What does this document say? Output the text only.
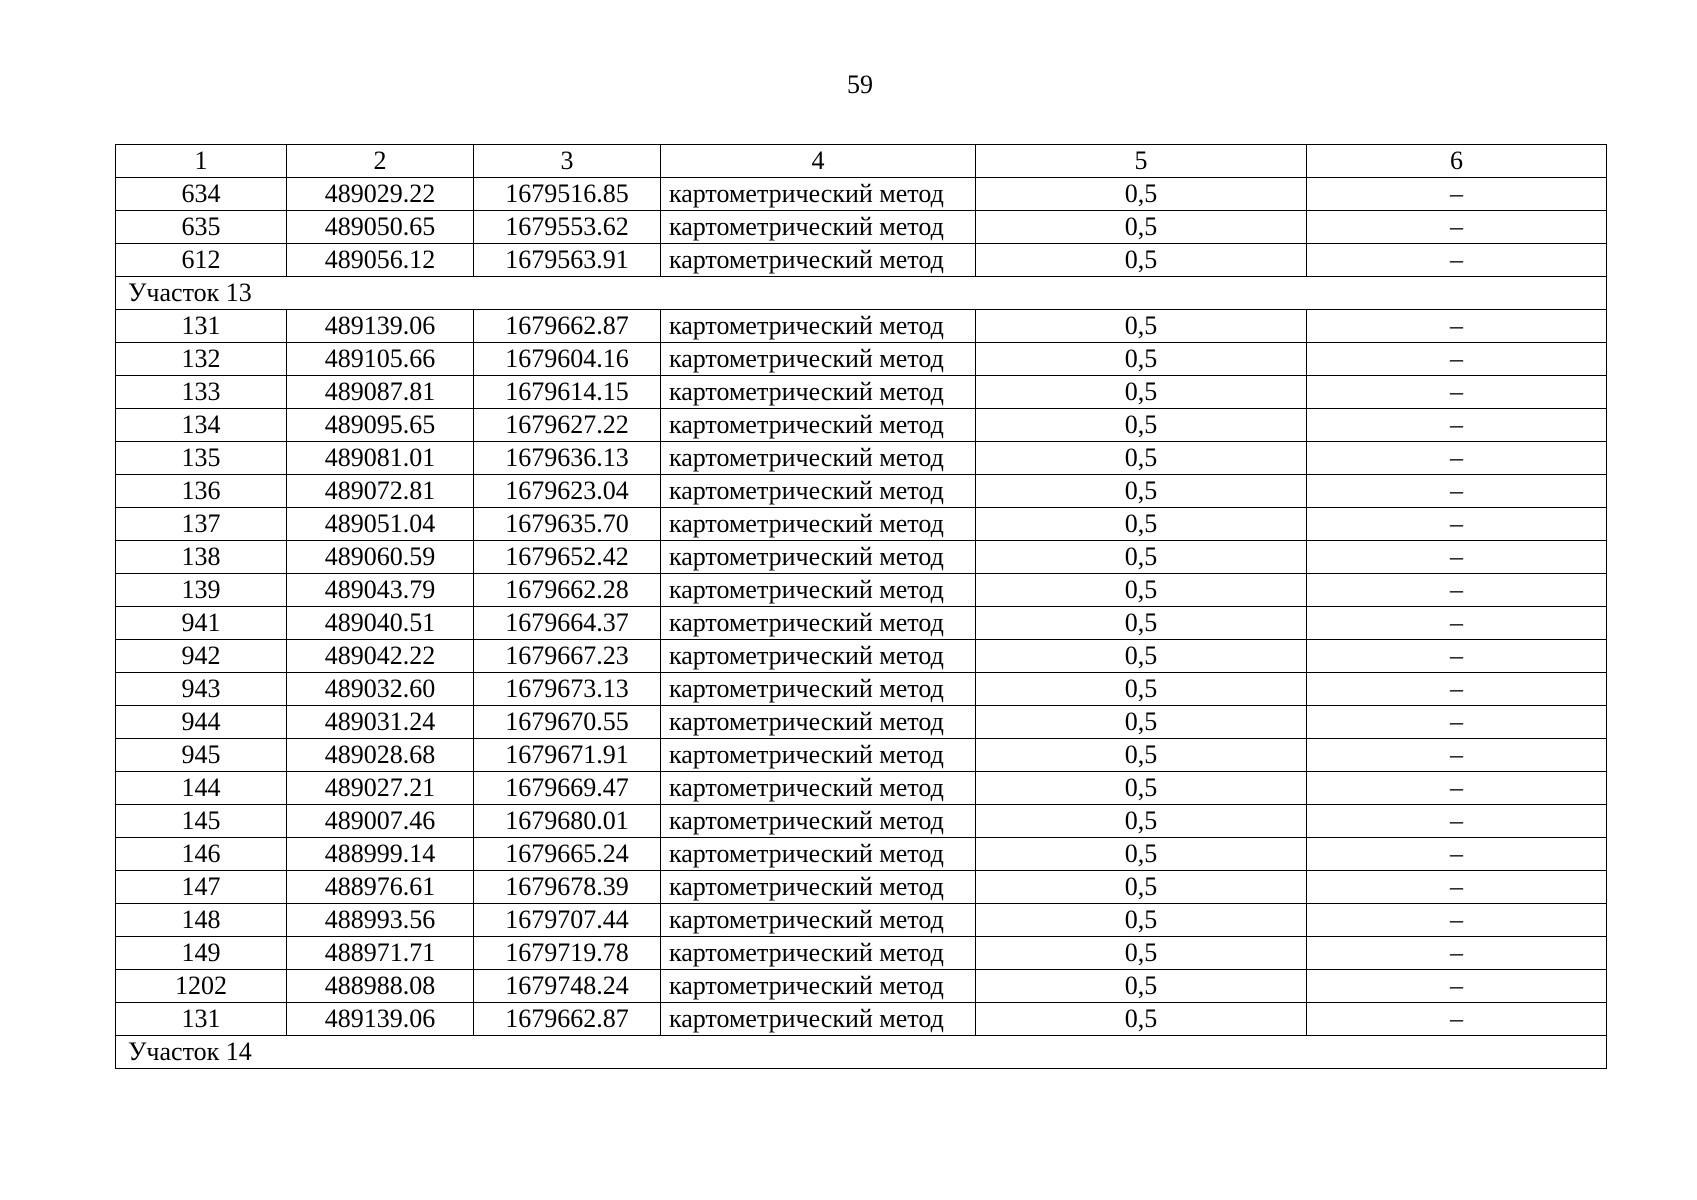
59
1	2	3	4	5	6
634	489029.22	1679516.85	картометрический метод	0,5	–
635	489050.65	1679553.62	картометрический метод	0,5	–
612	489056.12	1679563.91	картометрический метод	0,5	–
Участок 13					
131	489139.06	1679662.87	картометрический метод	0,5	–
132	489105.66	1679604.16	картометрический метод	0,5	–
133	489087.81	1679614.15	картометрический метод	0,5	–
134	489095.65	1679627.22	картометрический метод	0,5	–
135	489081.01	1679636.13	картометрический метод	0,5	–
136	489072.81	1679623.04	картометрический метод	0,5	–
137	489051.04	1679635.70	картометрический метод	0,5	–
138	489060.59	1679652.42	картометрический метод	0,5	–
139	489043.79	1679662.28	картометрический метод	0,5	–
941	489040.51	1679664.37	картометрический метод	0,5	–
942	489042.22	1679667.23	картометрический метод	0,5	–
943	489032.60	1679673.13	картометрический метод	0,5	–
944	489031.24	1679670.55	картометрический метод	0,5	–
945	489028.68	1679671.91	картометрический метод	0,5	–
144	489027.21	1679669.47	картометрический метод	0,5	–
145	489007.46	1679680.01	картометрический метод	0,5	–
146	488999.14	1679665.24	картометрический метод	0,5	–
147	488976.61	1679678.39	картометрический метод	0,5	–
148	488993.56	1679707.44	картометрический метод	0,5	–
149	488971.71	1679719.78	картометрический метод	0,5	–
1202	488988.08	1679748.24	картометрический метод	0,5	–
131	489139.06	1679662.87	картометрический метод	0,5	–
Участок 14					
